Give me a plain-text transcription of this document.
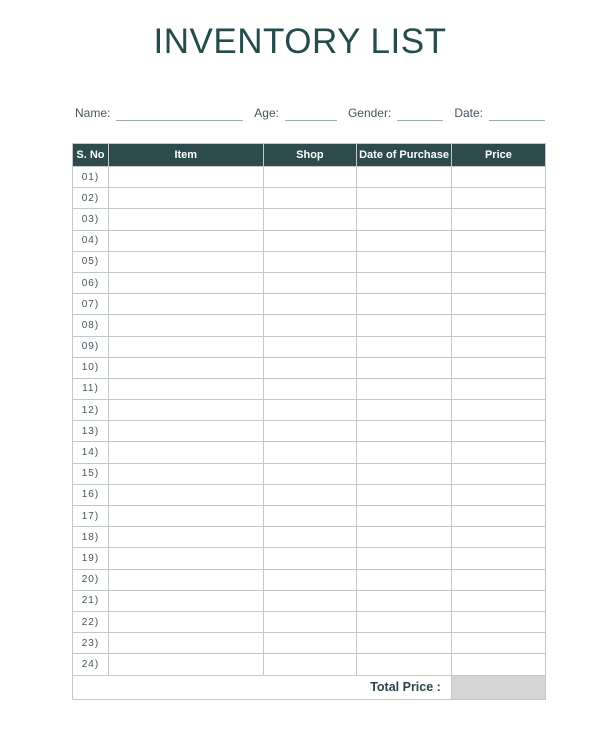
INVENTORY LIST
Name:	Age:	Gender:	Date:
S. No	Item	Shop	Date of Purchase	Price
01)				
02)				
03)				
04)				
05)				
06)				
07)				
08)				
09)				
10)				
11)				
12)				
13)				
14)				
15)				
16)				
17)				
18)				
19)				
20)				
21)				
22)				
23)				
24)				
Total Price :				
